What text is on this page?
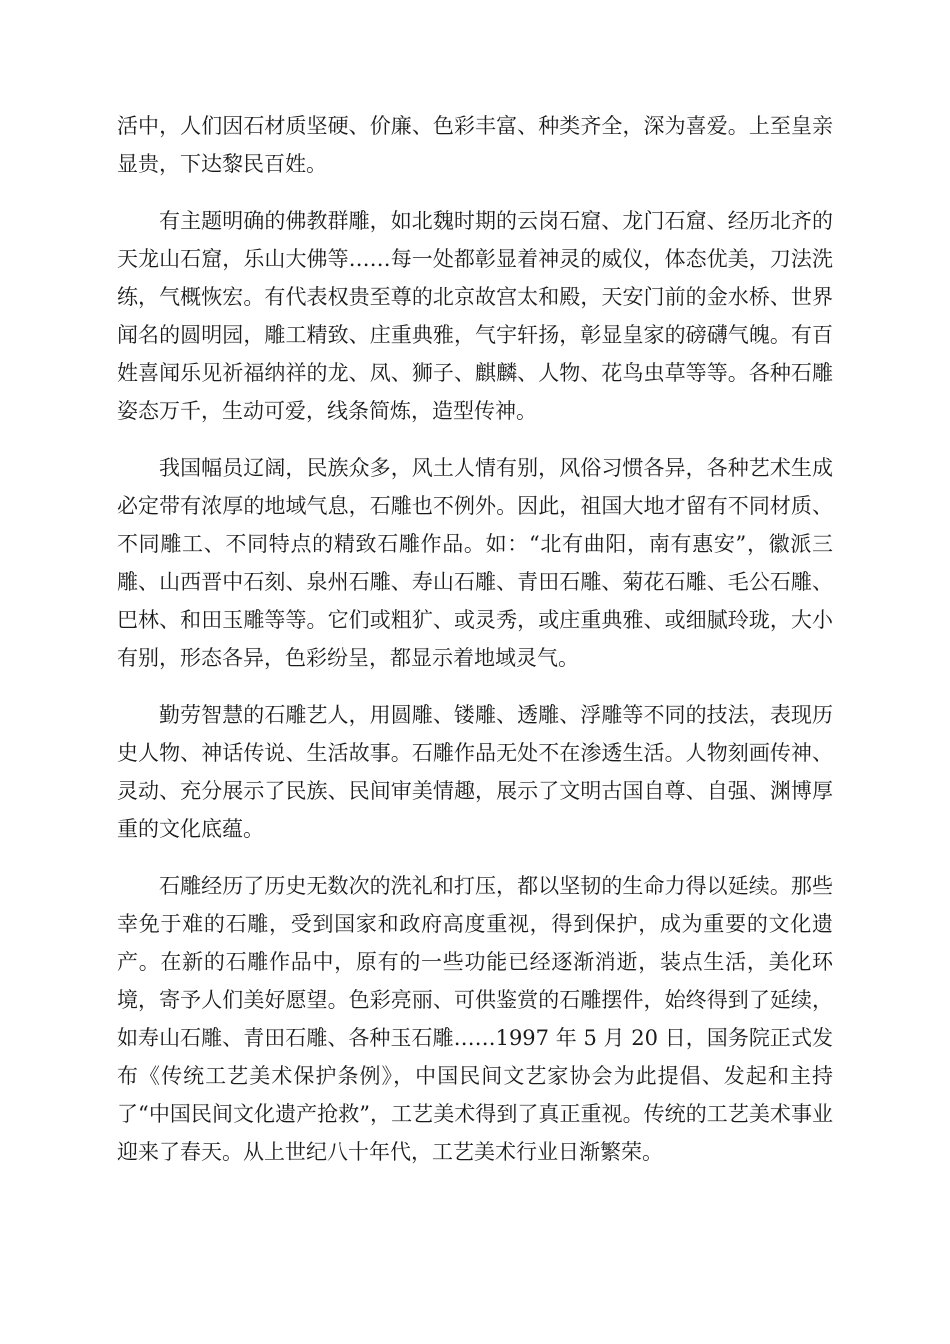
活中，人们因石材质坚硬、价廉、色彩丰富、种类齐全，深为喜爱。上至皇亲显贵，下达黎民百姓。

有主题明确的佛教群雕，如北魏时期的云岗石窟、龙门石窟、经历北齐的天龙山石窟，乐山大佛等……每一处都彰显着神灵的威仪，体态优美，刀法洗练，气概恢宏。有代表权贵至尊的北京故宫太和殿，天安门前的金水桥、世界闻名的圆明园，雕工精致、庄重典雅，气宇轩扬，彰显皇家的磅礴气魄。有百姓喜闻乐见祈福纳祥的龙、凤、狮子、麒麟、人物、花鸟虫草等等。各种石雕姿态万千，生动可爱，线条简炼，造型传神。

我国幅员辽阔，民族众多，风土人情有别，风俗习惯各异，各种艺术生成必定带有浓厚的地域气息，石雕也不例外。因此，祖国大地才留有不同材质、不同雕工、不同特点的精致石雕作品。如：“北有曲阳，南有惠安”，徽派三雕、山西晋中石刻、泉州石雕、寿山石雕、青田石雕、菊花石雕、毛公石雕、巴林、和田玉雕等等。它们或粗犷、或灵秀，或庄重典雅、或细腻玲珑，大小有别，形态各异，色彩纷呈，都显示着地域灵气。

勤劳智慧的石雕艺人，用圆雕、镂雕、透雕、浮雕等不同的技法，表现历史人物、神话传说、生活故事。石雕作品无处不在渗透生活。人物刻画传神、灵动、充分展示了民族、民间审美情趣，展示了文明古国自尊、自强、渊博厚重的文化底蕴。

石雕经历了历史无数次的洗礼和打压，都以坚韧的生命力得以延续。那些幸免于难的石雕，受到国家和政府高度重视，得到保护，成为重要的文化遗产。在新的石雕作品中，原有的一些功能已经逐渐消逝，装点生活，美化环境，寄予人们美好愿望。色彩亮丽、可供鉴赏的石雕摆件，始终得到了延续，如寿山石雕、青田石雕、各种玉石雕……1997 年 5 月 20 日，国务院正式发布《传统工艺美术保护条例》，中国民间文艺家协会为此提倡、发起和主持了“中国民间文化遗产抢救”，工艺美术得到了真正重视。传统的工艺美术事业迎来了春天。从上世纪八十年代，工艺美术行业日渐繁荣。
